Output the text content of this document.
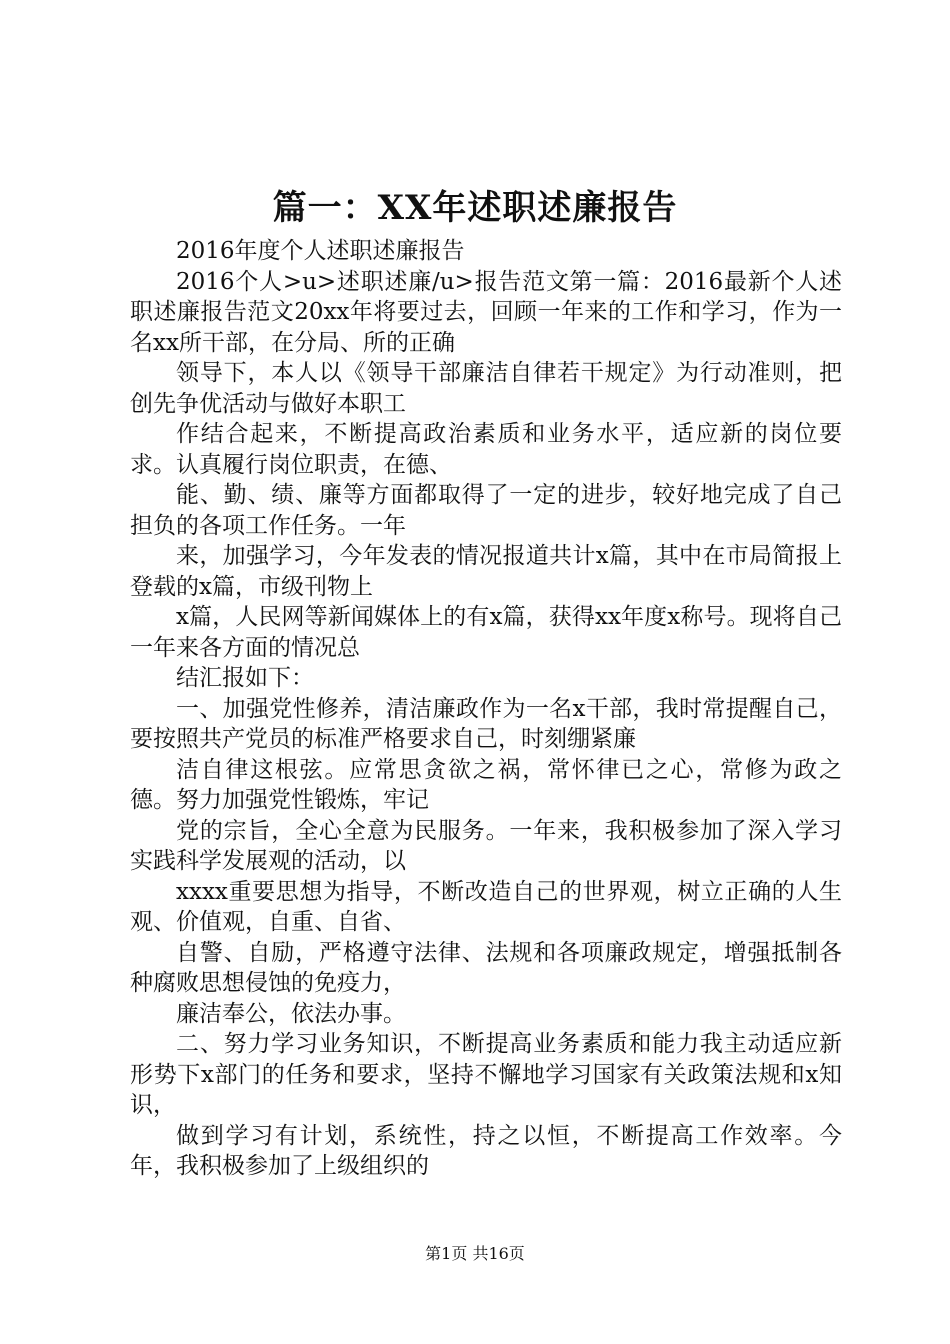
篇一：XX年述职述廉报告

2016年度个人述职述廉报告

2016个人>u>述职述廉/u>报告范文第一篇：2016最新个人述职述廉报告范文20xx年将要过去，回顾一年来的工作和学习，作为一名xx所干部，在分局、所的正确

领导下，本人以《领导干部廉洁自律若干规定》为行动准则，把创先争优活动与做好本职工

作结合起来，不断提高政治素质和业务水平，适应新的岗位要求。认真履行岗位职责，在德、

能、勤、绩、廉等方面都取得了一定的进步，较好地完成了自己担负的各项工作任务。一年

来，加强学习，今年发表的情况报道共计x篇，其中在市局简报上登载的x篇，市级刊物上

x篇，人民网等新闻媒体上的有x篇，获得xx年度x称号。现将自己一年来各方面的情况总

结汇报如下：

一、加强党性修养，清洁廉政作为一名x干部，我时常提醒自己，要按照共产党员的标准严格要求自己，时刻绷紧廉

洁自律这根弦。应常思贪欲之祸，常怀律已之心，常修为政之德。努力加强党性锻炼，牢记

党的宗旨，全心全意为民服务。一年来，我积极参加了深入学习实践科学发展观的活动，以

xxxx重要思想为指导，不断改造自己的世界观，树立正确的人生观、价值观，自重、自省、

自警、自励，严格遵守法律、法规和各项廉政规定，增强抵制各种腐败思想侵蚀的免疫力，

廉洁奉公，依法办事。

二、努力学习业务知识，不断提高业务素质和能力我主动适应新形势下x部门的任务和要求，坚持不懈地学习国家有关政策法规和x知识，

做到学习有计划，系统性，持之以恒，不断提高工作效率。今年，我积极参加了上级组织的

第1页 共16页
